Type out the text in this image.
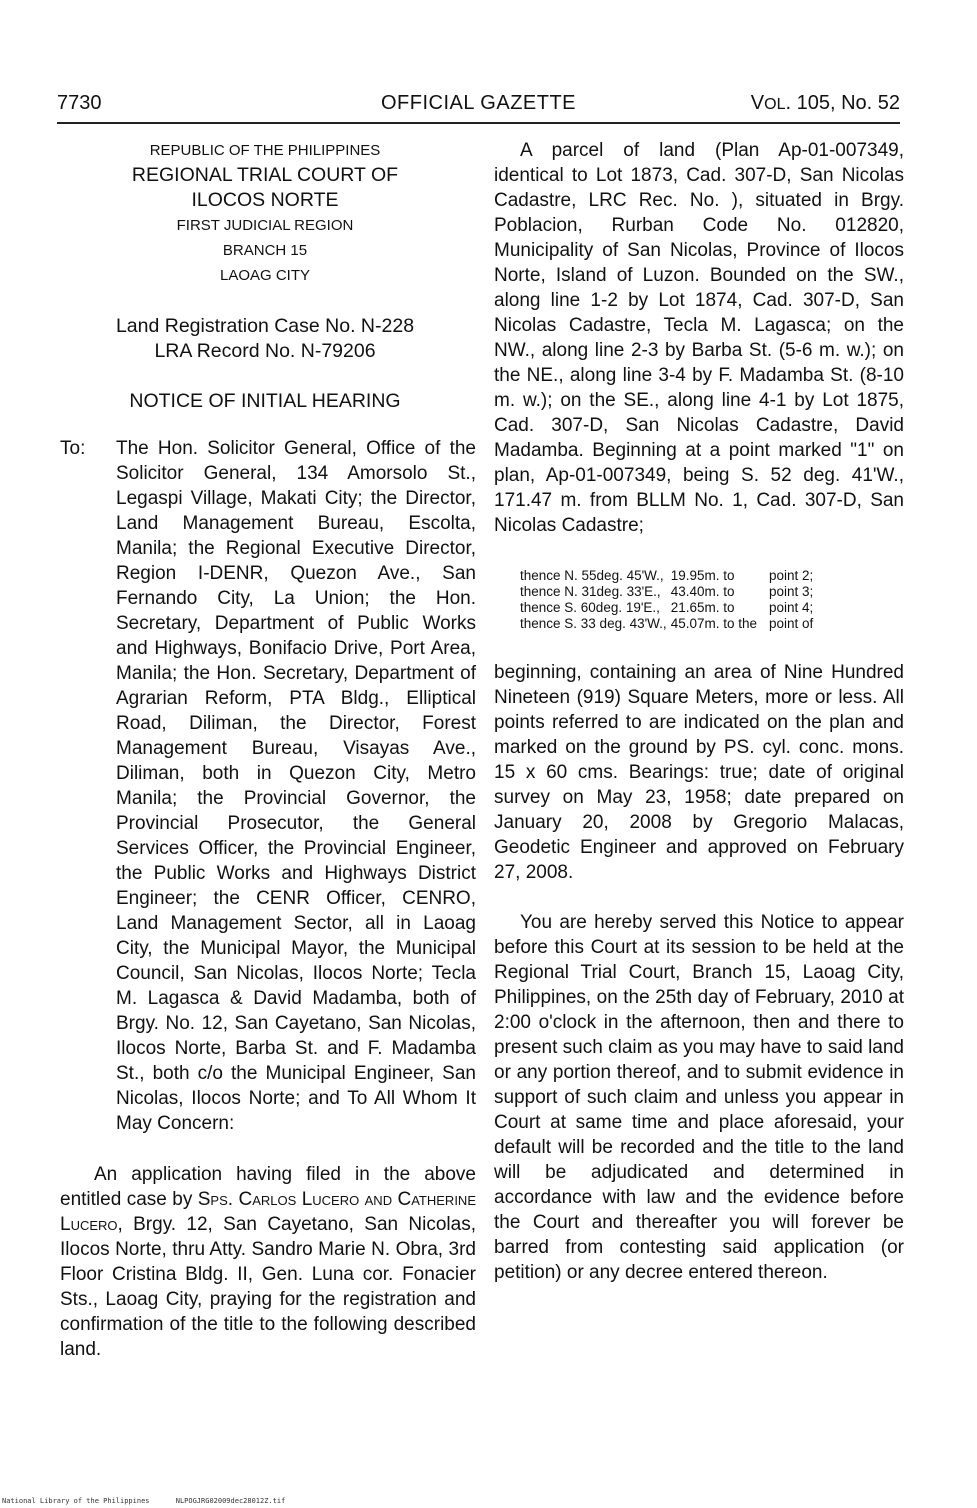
7730	OFFICIAL GAZETTE	VOL. 105, No. 52
REPUBLIC OF THE PHILIPPINES
REGIONAL TRIAL COURT OF
ILOCOS NORTE
FIRST JUDICIAL REGION
BRANCH 15
LAOAG CITY
Land Registration Case No. N-228
LRA Record No. N-79206
NOTICE OF INITIAL HEARING
To: The Hon. Solicitor General, Office of the Solicitor General, 134 Amorsolo St., Legaspi Village, Makati City; the Director, Land Management Bureau, Escolta, Manila; the Regional Executive Director, Region I-DENR, Quezon Ave., San Fernando City, La Union; the Hon. Secretary, Department of Public Works and Highways, Bonifacio Drive, Port Area, Manila; the Hon. Secretary, Department of Agrarian Reform, PTA Bldg., Elliptical Road, Diliman, the Director, Forest Management Bureau, Visayas Ave., Diliman, both in Quezon City, Metro Manila; the Provincial Governor, the Provincial Prosecutor, the General Services Officer, the Provincial Engineer, the Public Works and Highways District Engineer; the CENR Officer, CENRO, Land Management Sector, all in Laoag City, the Municipal Mayor, the Municipal Council, San Nicolas, Ilocos Norte; Tecla M. Lagasca & David Madamba, both of Brgy. No. 12, San Cayetano, San Nicolas, Ilocos Norte, Barba St. and F. Madamba St., both c/o the Municipal Engineer, San Nicolas, Ilocos Norte; and To All Whom It May Concern:
An application having filed in the above entitled case by Sps. Carlos Lucero and Catherine Lucero, Brgy. 12, San Cayetano, San Nicolas, Ilocos Norte, thru Atty. Sandro Marie N. Obra, 3rd Floor Cristina Bldg. II, Gen. Luna cor. Fonacier Sts., Laoag City, praying for the registration and confirmation of the title to the following described land.
A parcel of land (Plan Ap-01-007349, identical to Lot 1873, Cad. 307-D, San Nicolas Cadastre, LRC Rec. No. ), situated in Brgy. Poblacion, Rurban Code No. 012820, Municipality of San Nicolas, Province of Ilocos Norte, Island of Luzon. Bounded on the SW., along line 1-2 by Lot 1874, Cad. 307-D, San Nicolas Cadastre, Tecla M. Lagasca; on the NW., along line 2-3 by Barba St. (5-6 m. w.); on the NE., along line 3-4 by F. Madamba St. (8-10 m. w.); on the SE., along line 4-1 by Lot 1875, Cad. 307-D, San Nicolas Cadastre, David Madamba. Beginning at a point marked "1" on plan, Ap-01-007349, being S. 52 deg. 41'W., 171.47 m. from BLLM No. 1, Cad. 307-D, San Nicolas Cadastre;
thence N. 55deg. 45'W.,	19.95m. to	point 2;
thence N. 31deg. 33'E.,	43.40m. to	point 3;
thence S. 60deg. 19'E.,	21.65m. to	point 4;
thence S. 33 deg. 43'W.,	45.07m. to the	point of
beginning, containing an area of Nine Hundred Nineteen (919) Square Meters, more or less. All points referred to are indicated on the plan and marked on the ground by PS. cyl. conc. mons. 15 x 60 cms. Bearings: true; date of original survey on May 23, 1958; date prepared on January 20, 2008 by Gregorio Malacas, Geodetic Engineer and approved on February 27, 2008.
You are hereby served this Notice to appear before this Court at its session to be held at the Regional Trial Court, Branch 15, Laoag City, Philippines, on the 25th day of February, 2010 at 2:00 o'clock in the afternoon, then and there to present such claim as you may have to said land or any portion thereof, and to submit evidence in support of such claim and unless you appear in Court at same time and place aforesaid, your default will be recorded and the title to the land will be adjudicated and determined in accordance with law and the evidence before the Court and thereafter you will forever be barred from contesting said application (or petition) or any decree entered thereon.
National Library of the Philippines	NLPOGJRG02009dec28012Z.tif
